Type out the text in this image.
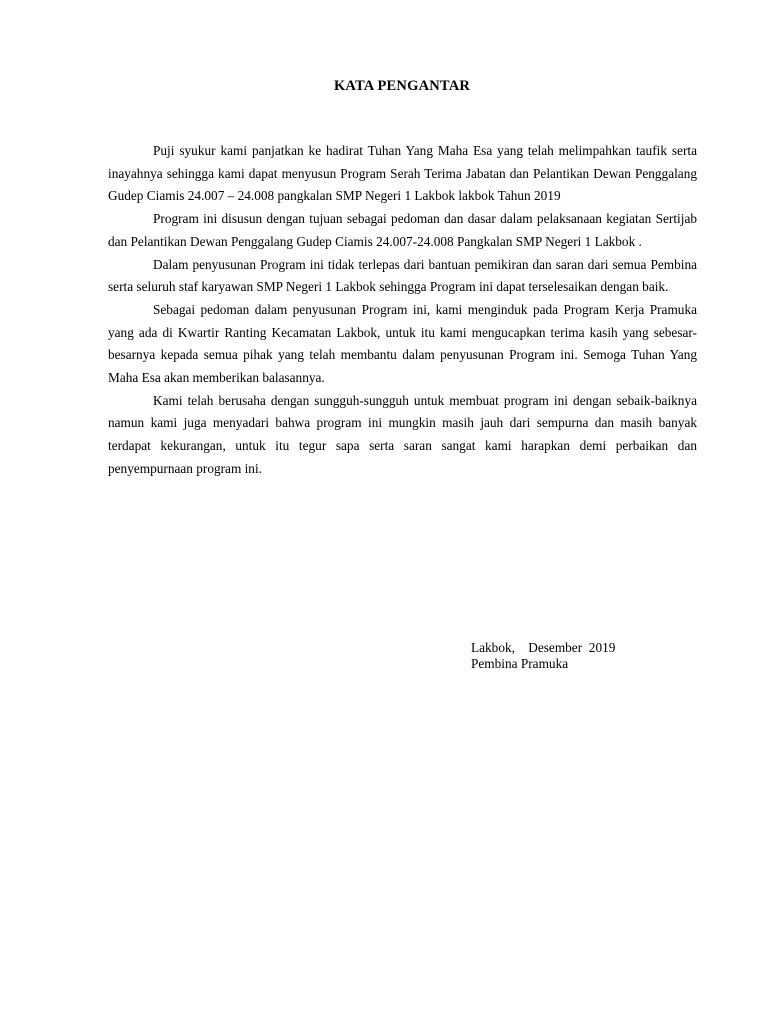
KATA PENGANTAR

Puji syukur kami panjatkan ke hadirat Tuhan Yang Maha Esa yang telah melimpahkan taufik serta inayahnya sehingga kami dapat menyusun Program Serah Terima Jabatan dan Pelantikan Dewan Penggalang Gudep Ciamis 24.007 – 24.008 pangkalan SMP Negeri 1 Lakbok lakbok Tahun 2019

Program ini disusun dengan tujuan sebagai pedoman dan dasar dalam pelaksanaan kegiatan Sertijab dan Pelantikan Dewan Penggalang Gudep Ciamis 24.007-24.008 Pangkalan SMP Negeri 1 Lakbok .

Dalam penyusunan Program ini tidak terlepas dari bantuan pemikiran dan saran dari semua Pembina serta seluruh staf karyawan SMP Negeri 1 Lakbok sehingga Program ini dapat terselesaikan dengan baik.

Sebagai pedoman dalam penyusunan Program ini, kami menginduk pada Program Kerja Pramuka yang ada di Kwartir Ranting Kecamatan Lakbok, untuk itu kami mengucapkan terima kasih yang sebesar-besarnya kepada semua pihak yang telah membantu dalam penyusunan Program ini. Semoga Tuhan Yang Maha Esa akan memberikan balasannya.

Kami telah berusaha dengan sungguh-sungguh untuk membuat program ini dengan sebaik-baiknya namun kami juga menyadari bahwa program ini mungkin masih jauh dari sempurna dan masih banyak terdapat kekurangan, untuk itu tegur sapa serta saran sangat kami harapkan demi perbaikan dan penyempurnaan program ini.

Lakbok,    Desember  2019
Pembina Pramuka
